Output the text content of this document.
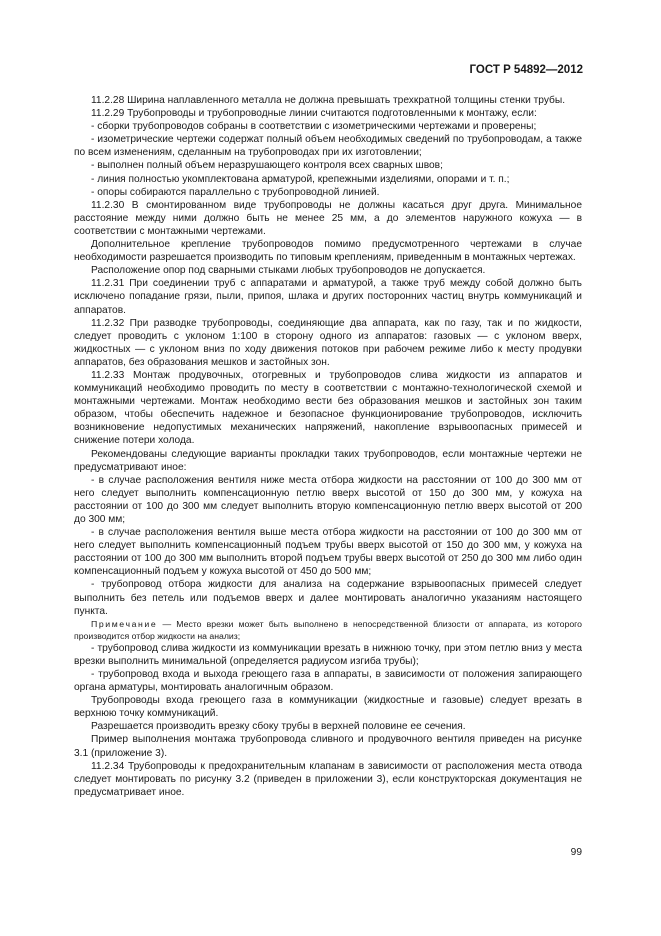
ГОСТ Р 54892—2012

11.2.28 Ширина наплавленного металла не должна превышать трехкратной толщины стенки трубы.

11.2.29 Трубопроводы и трубопроводные линии считаются подготовленными к монтажу, если:

- сборки трубопроводов собраны в соответствии с изометрическими чертежами и проверены;

- изометрические чертежи содержат полный объем необходимых сведений по трубопроводам, а также по всем изменениям, сделанным на трубопроводах при их изготовлении;

- выполнен полный объем неразрушающего контроля всех сварных швов;

- линия полностью укомплектована арматурой, крепежными изделиями, опорами и т. п.;

- опоры собираются параллельно с трубопроводной линией.

11.2.30 В смонтированном виде трубопроводы не должны касаться друг друга. Минимальное расстояние между ними должно быть не менее 25 мм, а до элементов наружного кожуха — в соответствии с монтажными чертежами.

Дополнительное крепление трубопроводов помимо предусмотренного чертежами в случае необходимости разрешается производить по типовым креплениям, приведенным в монтажных чертежах.

Расположение опор под сварными стыками любых трубопроводов не допускается.

11.2.31 При соединении труб с аппаратами и арматурой, а также труб между собой должно быть исключено попадание грязи, пыли, припоя, шлака и других посторонних частиц внутрь коммуникаций и аппаратов.

11.2.32 При разводке трубопроводы, соединяющие два аппарата, как по газу, так и по жидкости, следует проводить с уклоном 1:100 в сторону одного из аппаратов: газовых — с уклоном вверх, жидкостных — с уклоном вниз по ходу движения потоков при рабочем режиме либо к месту продувки аппаратов, без образования мешков и застойных зон.

11.2.33 Монтаж продувочных, отогревных и трубопроводов слива жидкости из аппаратов и коммуникаций необходимо проводить по месту в соответствии с монтажно-технологической схемой и монтажными чертежами. Монтаж необходимо вести без образования мешков и застойных зон таким образом, чтобы обеспечить надежное и безопасное функционирование трубопроводов, исключить возникновение недопустимых механических напряжений, накопление взрывоопасных примесей и снижение потери холода.

Рекомендованы следующие варианты прокладки таких трубопроводов, если монтажные чертежи не предусматривают иное:

- в случае расположения вентиля ниже места отбора жидкости на расстоянии от 100 до 300 мм от него следует выполнить компенсационную петлю вверх высотой от 150 до 300 мм, у кожуха на расстоянии от 100 до 300 мм следует выполнить вторую компенсационную петлю вверх высотой от 200 до 300 мм;

- в случае расположения вентиля выше места отбора жидкости на расстоянии от 100 до 300 мм от него следует выполнить компенсационный подъем трубы вверх высотой от 150 до 300 мм, у кожуха на расстоянии от 100 до 300 мм выполнить второй подъем трубы вверх высотой от 250 до 300 мм либо один компенсационный подъем у кожуха высотой от 450 до 500 мм;

- трубопровод отбора жидкости для анализа на содержание взрывоопасных примесей следует выполнить без петель или подъемов вверх и далее монтировать аналогично указаниям настоящего пункта.

Примечание — Место врезки может быть выполнено в непосредственной близости от аппарата, из которого производится отбор жидкости на анализ;

- трубопровод слива жидкости из коммуникации врезать в нижнюю точку, при этом петлю вниз у места врезки выполнить минимальной (определяется радиусом изгиба трубы);

- трубопровод входа и выхода греющего газа в аппараты, в зависимости от положения запирающего органа арматуры, монтировать аналогичным образом.

Трубопроводы входа греющего газа в коммуникации (жидкостные и газовые) следует врезать в верхнюю точку коммуникаций.

Разрешается производить врезку сбоку трубы в верхней половине ее сечения.

Пример выполнения монтажа трубопровода сливного и продувочного вентиля приведен на рисунке 3.1 (приложение 3).

11.2.34 Трубопроводы к предохранительным клапанам в зависимости от расположения места отвода следует монтировать по рисунку 3.2 (приведен в приложении 3), если конструкторская документация не предусматривает иное.

99
